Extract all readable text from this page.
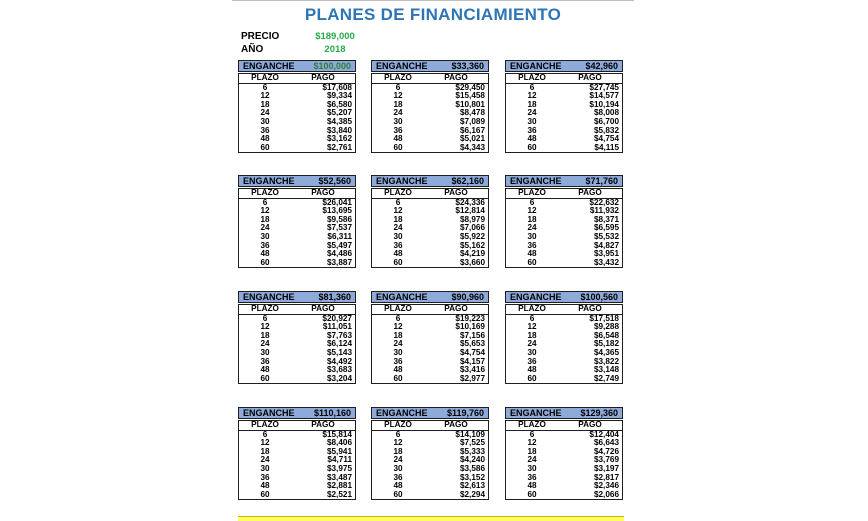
PLANES DE FINANCIAMIENTO
PRECIO	$189,000
AÑO	2018
ENGANCHE $100,000
PLAZO	PAGO
6	$17,608
12	$9,334
18	$6,580
24	$5,207
30	$4,385
36	$3,840
48	$3,162
60	$2,761
ENGANCHE	$33,360
PLAZO	PAGO
6	$29,450
12	$15,458
18	$10,801
24	$8,478
30	$7,089
36	$6,167
48	$5,021
60	$4,343
ENGANCHE	$42,960
PLAZO	PAGO
6	$27,745
12	$14,577
18	$10,194
24	$8,008
30	$6,700
36	$5,832
48	$4,754
60	$4,115
ENGANCHE	$52,560
PLAZO	PAGO
6	$26,041
12	$13,695
18	$9,586
24	$7,537
30	$6,311
36	$5,497
48	$4,486
60	$3,887
ENGANCHE	$62,160
PLAZO	PAGO
6	$24,336
12	$12,814
18	$8,979
24	$7,066
30	$5,922
36	$5,162
48	$4,219
60	$3,660
ENGANCHE	$71,760
PLAZO	PAGO
6	$22,632
12	$11,932
18	$8,371
24	$6,595
30	$5,532
36	$4,827
48	$3,951
60	$3,432
ENGANCHE	$81,360
PLAZO	PAGO
6	$20,927
12	$11,051
18	$7,763
24	$6,124
30	$5,143
36	$4,492
48	$3,683
60	$3,204
ENGANCHE	$90,960
PLAZO	PAGO
6	$19,223
12	$10,169
18	$7,156
24	$5,653
30	$4,754
36	$4,157
48	$3,416
60	$2,977
ENGANCHE $100,560
PLAZO	PAGO
6	$17,518
12	$9,288
18	$6,548
24	$5,182
30	$4,365
36	$3,822
48	$3,148
60	$2,749
ENGANCHE $110,160
PLAZO	PAGO
6	$15,814
12	$8,406
18	$5,941
24	$4,711
30	$3,975
36	$3,487
48	$2,881
60	$2,521
ENGANCHE $119,760
PLAZO	PAGO
6	$14,109
12	$7,525
18	$5,333
24	$4,240
30	$3,586
36	$3,152
48	$2,613
60	$2,294
ENGANCHE $129,360
PLAZO	PAGO
6	$12,404
12	$6,643
18	$4,726
24	$3,769
30	$3,197
36	$2,817
48	$2,346
60	$2,066
